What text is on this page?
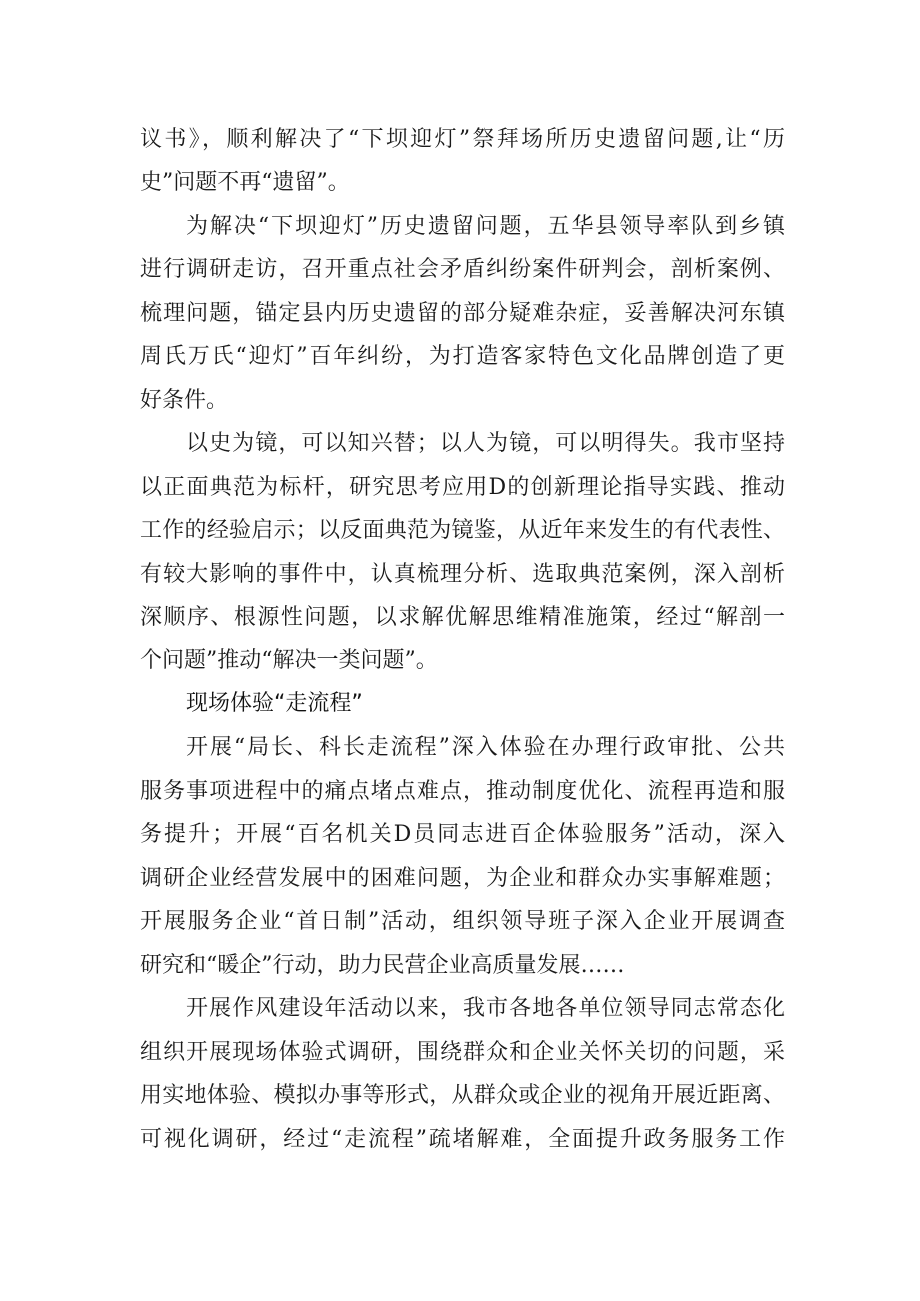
议书》，顺利解决了“下坝迎灯”祭拜场所历史遗留问题,让“历
史”问题不再“遗留”。
为解决“下坝迎灯”历史遗留问题，五华县领导率队到乡镇
进行调研走访，召开重点社会矛盾纠纷案件研判会，剖析案例、
梳理问题，锚定县内历史遗留的部分疑难杂症，妥善解决河东镇
周氏万氏“迎灯”百年纠纷，为打造客家特色文化品牌创造了更
好条件。
以史为镜，可以知兴替；以人为镜，可以明得失。我市坚持
以正面典范为标杆，研究思考应用D的创新理论指导实践、推动
工作的经验启示；以反面典范为镜鉴，从近年来发生的有代表性、
有较大影响的事件中，认真梳理分析、选取典范案例，深入剖析
深顺序、根源性问题，以求解优解思维精准施策，经过“解剖一
个问题”推动“解决一类问题”。
现场体验“走流程”
开展“局长、科长走流程”深入体验在办理行政审批、公共
服务事项进程中的痛点堵点难点，推动制度优化、流程再造和服
务提升；开展“百名机关D员同志进百企体验服务”活动，深入
调研企业经营发展中的困难问题，为企业和群众办实事解难题；
开展服务企业“首日制”活动，组织领导班子深入企业开展调查
研究和“暖企”行动，助力民营企业高质量发展……
开展作风建设年活动以来，我市各地各单位领导同志常态化
组织开展现场体验式调研，围绕群众和企业关怀关切的问题，采
用实地体验、模拟办事等形式，从群众或企业的视角开展近距离、
可视化调研，经过“走流程”疏堵解难，全面提升政务服务工作
